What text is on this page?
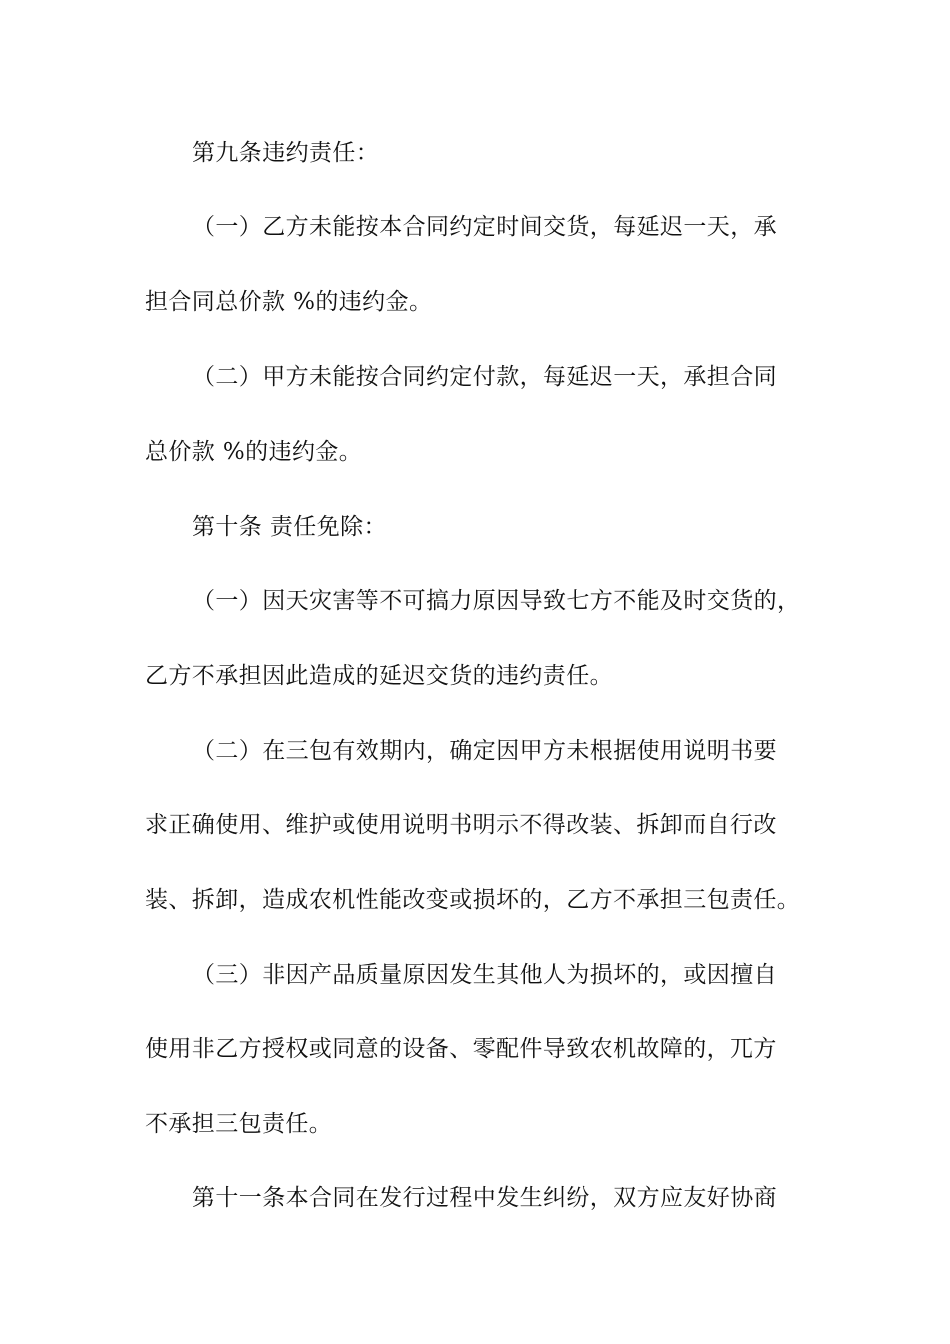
第九条违约责任：
（一）乙方未能按本合同约定时间交货，每延迟一天，承
担合同总价款 %的违约金。
（二）甲方未能按合同约定付款，每延迟一天，承担合同
总价款 %的违约金。
第十条 责任免除：
（一）因天灾害等不可搞力原因导致七方不能及时交货的，
乙方不承担因此造成的延迟交货的违约责任。
（二）在三包有效期内，确定因甲方未根据使用说明书要
求正确使用、维护或使用说明书明示不得改装、拆卸而自行改
装、拆卸，造成农机性能改变或损坏的，乙方不承担三包责任。
（三）非因产品质量原因发生其他人为损坏的，或因擅自
使用非乙方授权或同意的设备、零配件导致农机故障的，兀方
不承担三包责任。
第十一条本合同在发行过程中发生纠纷，双方应友好协商
